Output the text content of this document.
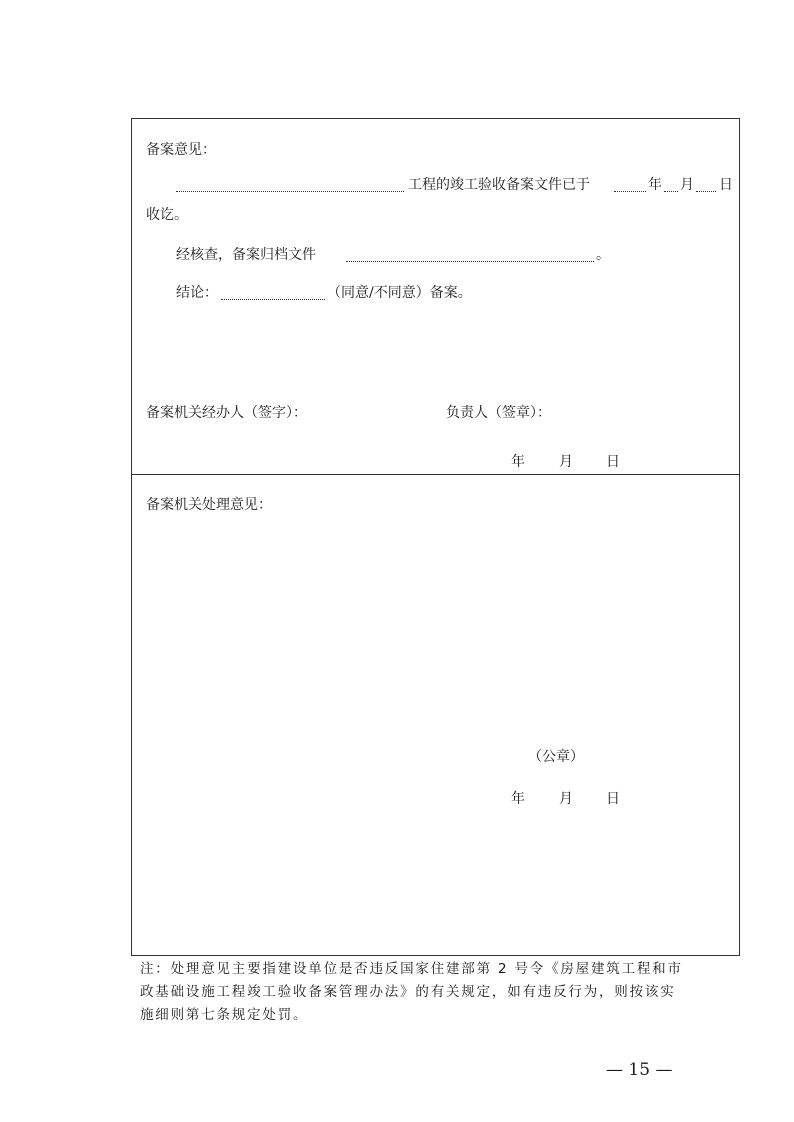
备案意见：
工程的竣工验收备案文件已于	年 月 日
收讫。
经核查，备案归档文件	。
结论：	（同意/不同意）备案。
备案机关经办人（签字）：	负责人（签章）：
年 月 日
备案机关处理意见：
（公章）
年 月 日
注：处理意见主要指建设单位是否违反国家住建部第 2 号令《房屋建筑工程和市
政基础设施工程竣工验收备案管理办法》的有关规定，如有违反行为，则按该实
施细则第七条规定处罚。
— 15 —
